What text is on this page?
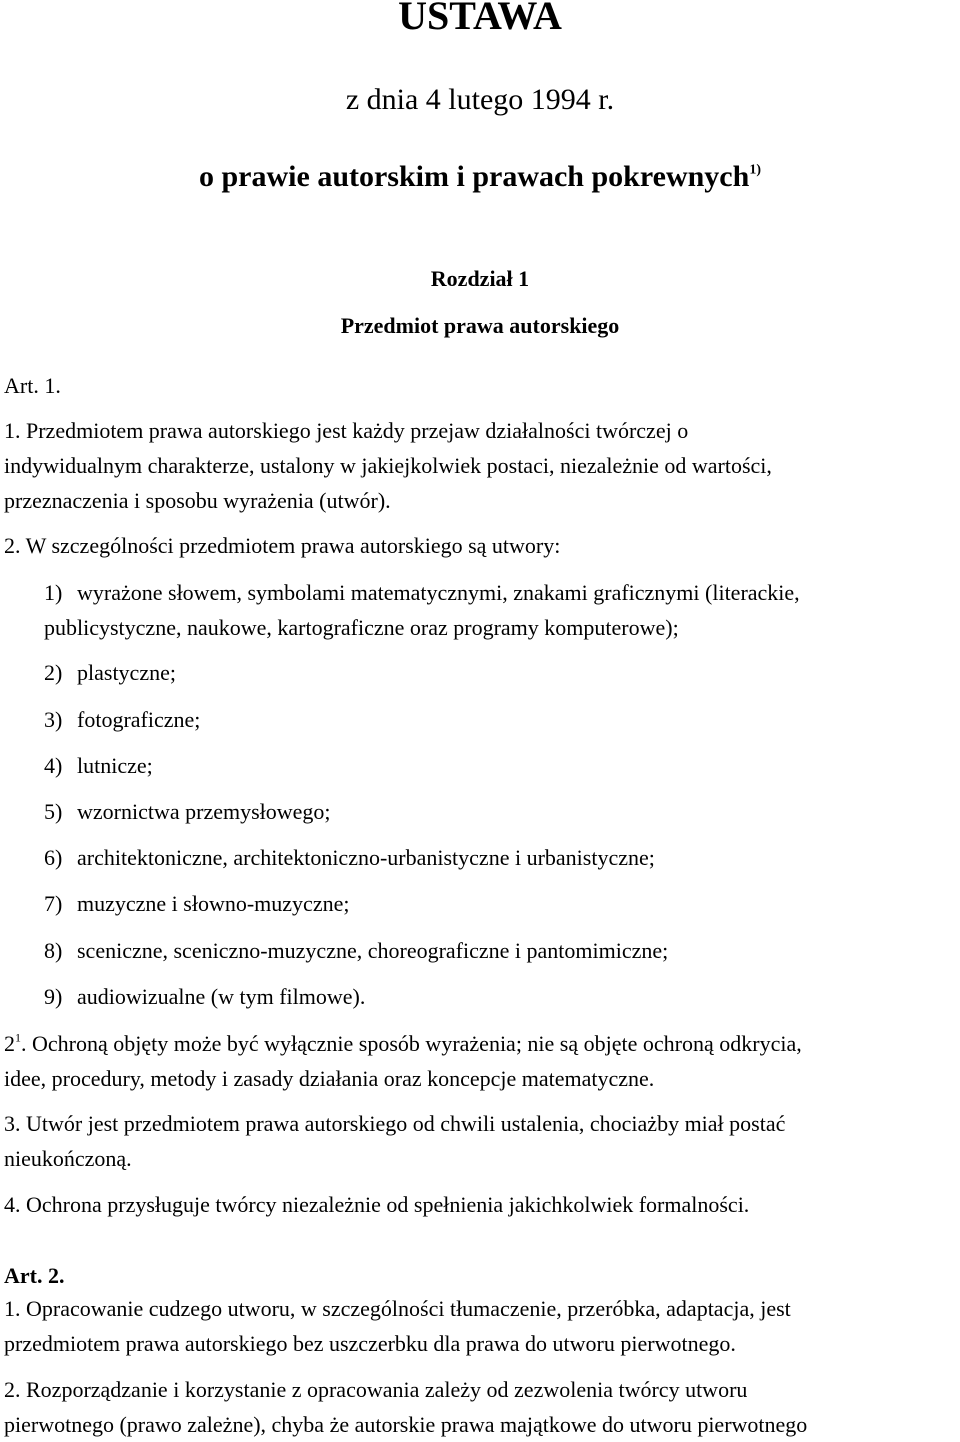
USTAWA
z dnia 4 lutego 1994 r.
o prawie autorskim i prawach pokrewnych$^{1)}$
Rozdział 1
Przedmiot prawa autorskiego
Art. 1.
1. Przedmiotem prawa autorskiego jest każdy przejaw działalności twórczej o
indywidualnym charakterze, ustalony w jakiejkolwiek postaci, niezależnie od wartości,
przeznaczenia i sposobu wyrażenia (utwór).
2. W szczególności przedmiotem prawa autorskiego są utwory:
1) wyrażone słowem, symbolami matematycznymi, znakami graficznymi (literackie,
publicystyczne, naukowe, kartograficzne oraz programy komputerowe);
2) plastyczne;
3) fotograficzne;
4) lutnicze;
5) wzornictwa przemysłowego;
6) architektoniczne, architektoniczno-urbanistyczne i urbanistyczne;
7) muzyczne i słowno-muzyczne;
8) sceniczne, sceniczno-muzyczne, choreograficzne i pantomimiczne;
9) audiowizualne (w tym filmowe).
$2^1$. Ochroną objęty może być wyłącznie sposób wyrażenia; nie są objęte ochroną odkrycia,
idee, procedury, metody i zasady działania oraz koncepcje matematyczne.
3. Utwór jest przedmiotem prawa autorskiego od chwili ustalenia, chociażby miał postać
nieukończoną.
4. Ochrona przysługuje twórcy niezależnie od spełnienia jakichkolwiek formalności.
Art. 2.
1. Opracowanie cudzego utworu, w szczególności tłumaczenie, przeróbka, adaptacja, jest
przedmiotem prawa autorskiego bez uszczerbku dla prawa do utworu pierwotnego.
2. Rozporządzanie i korzystanie z opracowania zależy od zezwolenia twórcy utworu
pierwotnego (prawo zależne), chyba że autorskie prawa majątkowe do utworu pierwotnego
